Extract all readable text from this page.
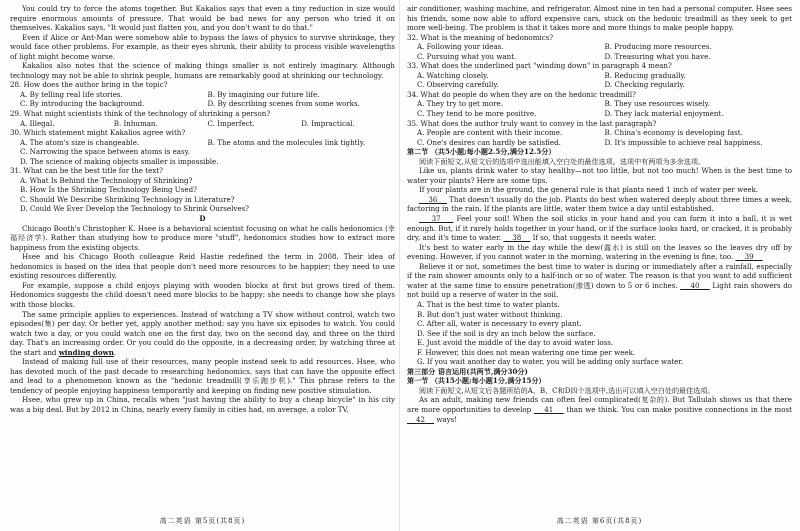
You could try to force the atoms together. But Kakalios says that even a tiny reduction in size would require enormous amounts of pressure. That would be bad news for any person who tried it on themselves. Kakalios says, "It would just flatten you, and you don't want to do that."

Even if Alice or Ant-Man were somehow able to bypass the laws of physics to survive shrinkage, they would face other problems. For example, as their eyes shrunk, their ability to process visible wavelengths of light might become worse.

Kakalios also notes that the science of making things smaller is not entirely imaginary. Although technology may not be able to shrink people, humans are remarkably good at shrinking our technology.

28. How does the author bring in the topic?

A. By telling real life stories.	B. By imagining our future life.
C. By introducing the background.	D. By describing scenes from some works.

29. What might scientists think of the technology of shrinking a person?

A. Illegal.	B. Inhuman.	C. Imperfect.	D. Impractical.

30. Which statement might Kakalios agree with?

A. The atom's size is changeable.	B. The atoms and the molecules link tightly.

C. Narrowing the space between atoms is easy.

D. The science of making objects smaller is impossible.

31. What can be the best title for the text?

A. What Is Behind the Technology of Shrinking?

B. How Is the Shrinking Technology Being Used?

C. Should We Describe Shrinking Technology in Literature?

D. Could We Ever Develop the Technology to Shrink Ourselves?

D

Chicago Booth's Christopher K. Hsee is a behavioral scientist focusing on what he calls hedonomics (幸福经济学). Rather than studying how to produce more "stuff", hedonomics studies how to extract more happiness from the existing objects.

Hsee and his Chicago Booth colleague Reid Hastie redefined the term in 2008. Their idea of hedonomics is based on the idea that people don't need more resources to be happier; they need to use existing resources differently.

For example, suppose a child enjoys playing with wooden blocks at first but grows tired of them. Hedonomics suggests the child doesn't need more blocks to be happy; she needs to change how she plays with those blocks.

The same principle applies to experiences. Instead of watching a TV show without control, watch two episodes(集) per day. Or better yet, apply another method: say you have six episodes to watch. You could watch two a day, or you could watch one on the first day, two on the second day, and three on the third day. That's an increasing order. Or you could do the opposite, in a decreasing order, by watching three at the start and winding down.

Instead of making full use of their resources, many people instead seek to add resources. Hsee, who has devoted much of the past decade to researching hedonomics, says that can have the opposite effect and lead to a phenomenon known as the "hedonic treadmill(享乐跑步机)." This phrase refers to the tendency of people enjoying happiness temporarily and keeping on finding new positive stimulation.

Hsee, who grew up in China, recalls when "just having the ability to buy a cheap bicycle" in his city was a big deal. But by 2012 in China, nearly every family in cities had, on average, a color TV,

高二英语 第5页(共8页)

air conditioner, washing machine, and refrigerator. Almost nine in ten had a personal computer. Hsee sees his friends, some now able to afford expensive cars, stuck on the hedonic treadmill as they seek to get more well-being. The problem is that it takes more and more things to make people happy.

32. What is the meaning of hedonomics?

A. Following your ideas.	B. Producing more resources.
C. Pursuing what you want.	D. Treasuring what you have.

33. What does the underlined part "winding down" in paragraph 4 mean?

A. Watching closely.	B. Reducing gradually.
C. Observing carefully.	D. Checking regularly.

34. What do people do when they are on the hedonic treadmill?

A. They try to get more.	B. They use resources wisely.
C. They tend to be more positive.	D. They lack material enjoyment.

35. What does the author truly want to convey in the last paragraph?

A. People are content with their income.	B. China's economy is developing fast.
C. One's desires can hardly be satisfied.	D. It's impossible to achieve real happiness.

第二节 （共5小题;每小题2.5分,满分12.5分）

阅读下面短文,从短文后的选项中选出能填入空白处的最佳选项。选项中有两项为多余选项。

Like us, plants drink water to stay healthy—not too little, but not too much! When is the best time to water your plants? Here are some tips.

If your plants are in the ground, the general rule is that plants need 1 inch of water per week.

36 That doesn't usually do the job. Plants do best when watered deeply about three times a week, factoring in the rain. If the plants are little, water them twice a day until established.

37 Feel your soil! When the soil sticks in your hand and you can form it into a ball, it is wet enough. But, if it rarely holds together in your hand, or if the surface looks hard, or cracked, it is probably dry, and it's time to water. 38 If so, that suggests it needs water.

It's best to water early in the day while the dew(露水) is still on the leaves so the leaves dry off by evening. However, if you cannot water in the morning, watering in the evening is fine, too. 39

Believe it or not, sometimes the best time to water is during or immediately after a rainfall, especially if the rain shower amounts only to a half-inch or so of water. The reason is that you want to add sufficient water at the same time to ensure penetration(渗透) down to 5 or 6 inches. 40 Light rain showers do not build up a reserve of water in the soil.

A. That is the best time to water plants.

B. But don't just water without thinking.

C. After all, water is necessary to every plant.

D. See if the soil is dry an inch below the surface.

E. Just avoid the middle of the day to avoid water loss.

F. However, this does not mean watering one time per week.

G. If you wait another day to water, you will be adding only surface water.

第三部分 语言运用(共两节,满分30分)

第一节 （共15小题;每小题1分,满分15分）

阅读下面短文,从短文后各题所给的A、B、C和D四个选项中,选出可以填入空白处的最佳选项。

As an adult, making new friends can often feel complicated(复杂的). But Tallulah shows us that there are more opportunities to develop 41 than we think. You can make positive connections in the most     42 ways!

高二英语 第6页(共8页)
